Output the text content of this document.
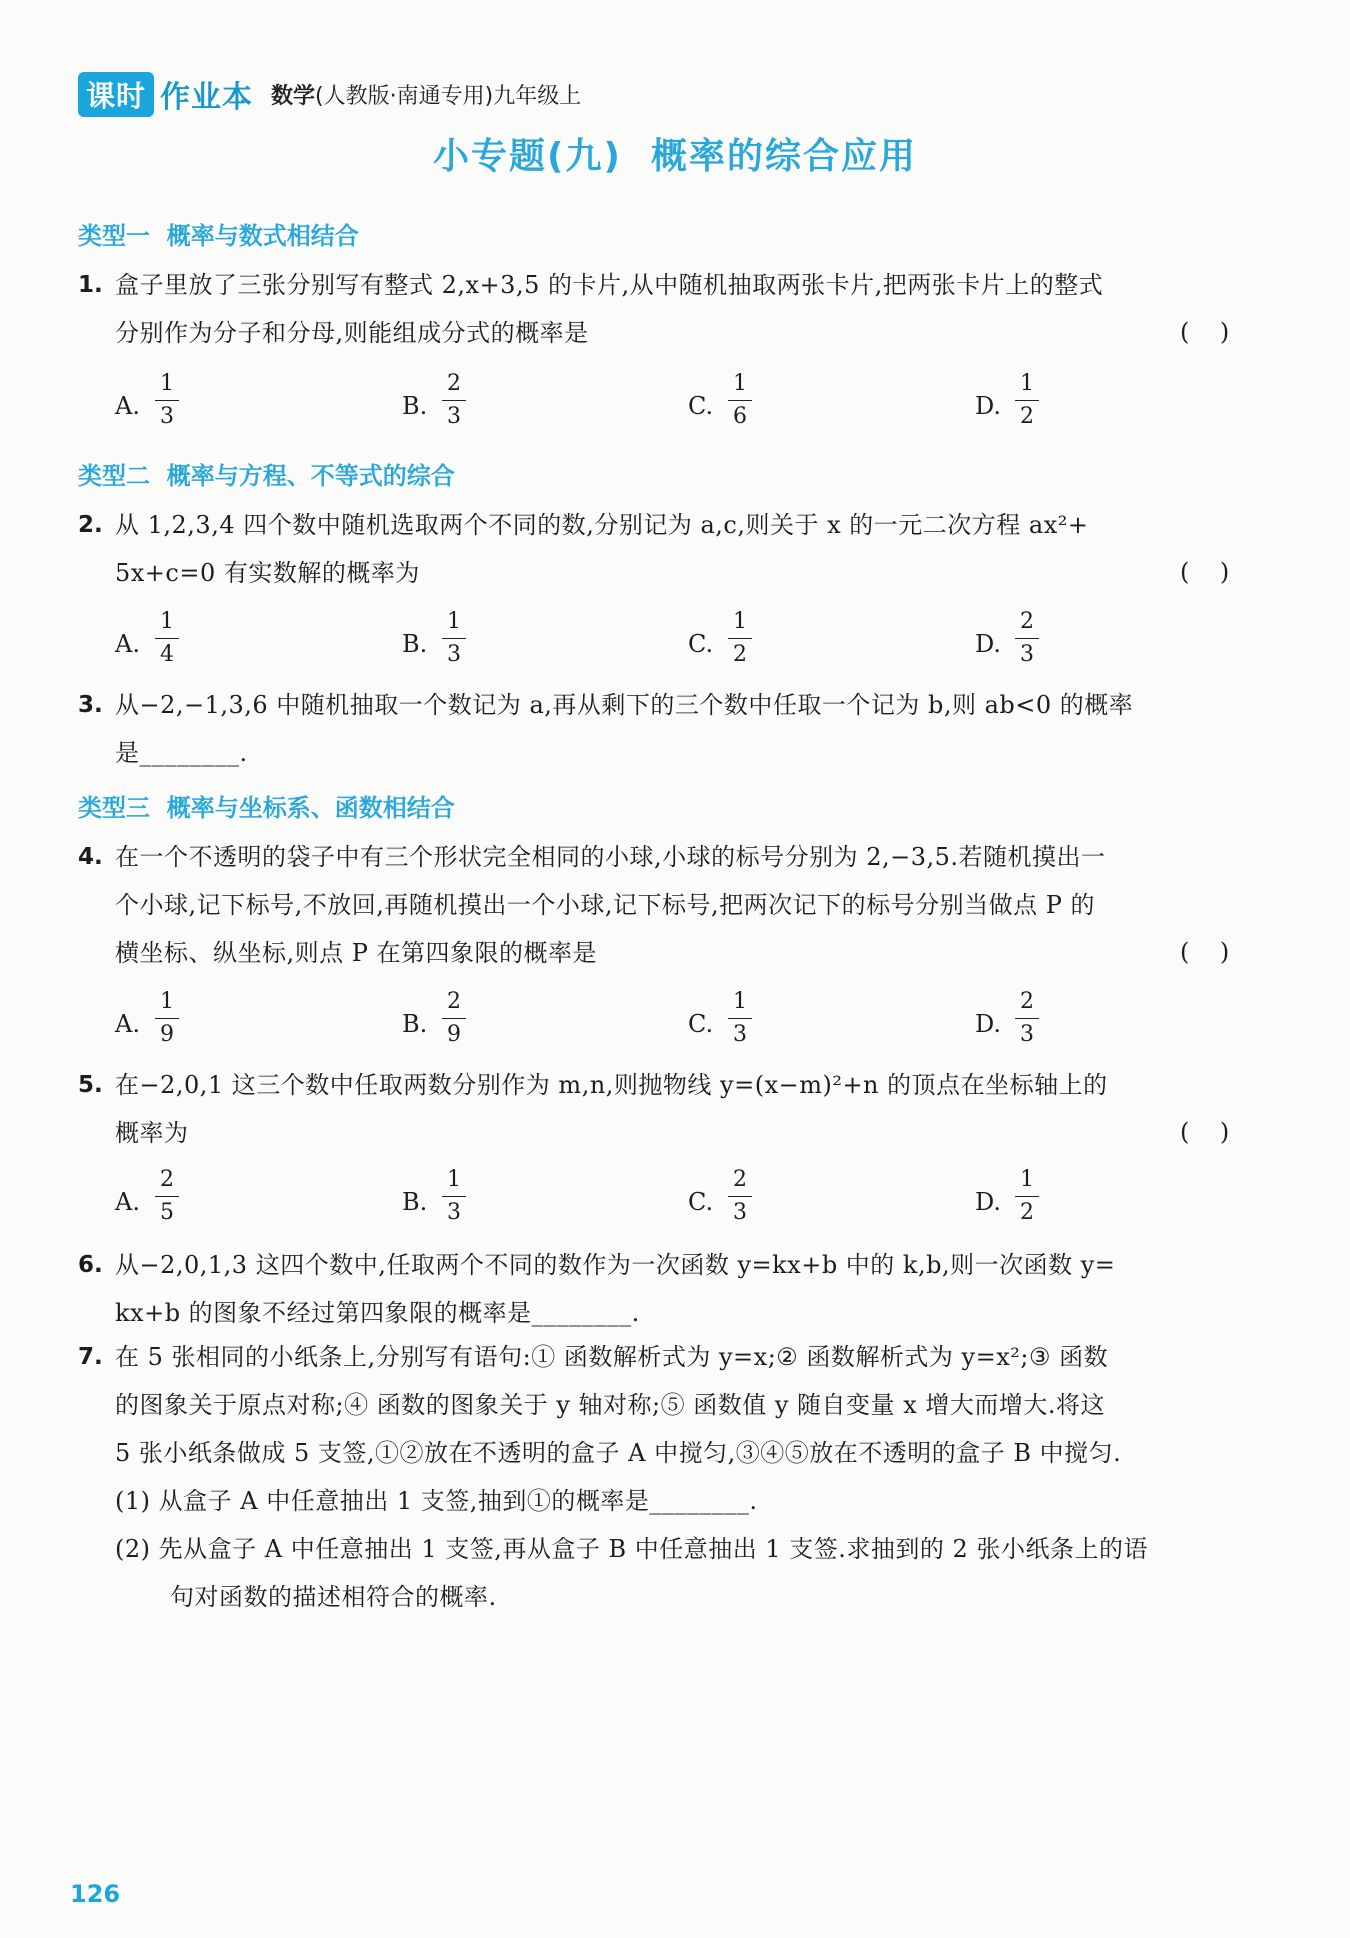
课时 作业本 数学(人教版·南通专用)九年级上
小专题(九)  概率的综合应用
类型一  概率与数式相结合
1. 盒子里放了三张分别写有整式 2,x+3,5 的卡片,从中随机抽取两张卡片,把两张卡片上的整式
分别作为分子和分母,则能组成分式的概率是	(    )
A.
1
3	B.
2
3	C.
1
6	D.
1
2
类型二  概率与方程、不等式的综合
2. 从 1,2,3,4 四个数中随机选取两个不同的数,分别记为 a,c,则关于 x 的一元二次方程 ax²+
5x+c=0 有实数解的概率为	(    )
A.
1
4	B.
1
3	C.
1
2	D.
2
3
3. 从−2,−1,3,6 中随机抽取一个数记为 a,再从剩下的三个数中任取一个记为 b,则 ab<0 的概率
是________.
类型三  概率与坐标系、函数相结合
4. 在一个不透明的袋子中有三个形状完全相同的小球,小球的标号分别为 2,−3,5.若随机摸出一
个小球,记下标号,不放回,再随机摸出一个小球,记下标号,把两次记下的标号分别当做点 P 的
横坐标、纵坐标,则点 P 在第四象限的概率是	(    )
A.
1
9	B.
2
9	C.
1
3	D.
2
3
5. 在−2,0,1 这三个数中任取两数分别作为 m,n,则抛物线 y=(x−m)²+n 的顶点在坐标轴上的
概率为	(    )
A.
2
5	B.
1
3	C.
2
3	D.
1
2
6. 从−2,0,1,3 这四个数中,任取两个不同的数作为一次函数 y=kx+b 中的 k,b,则一次函数 y=
kx+b 的图象不经过第四象限的概率是________.
7. 在 5 张相同的小纸条上,分别写有语句:① 函数解析式为 y=x;② 函数解析式为 y=x²;③ 函数
的图象关于原点对称;④ 函数的图象关于 y 轴对称;⑤ 函数值 y 随自变量 x 增大而增大.将这
5 张小纸条做成 5 支签,①②放在不透明的盒子 A 中搅匀,③④⑤放在不透明的盒子 B 中搅匀.
(1) 从盒子 A 中任意抽出 1 支签,抽到①的概率是________.
(2) 先从盒子 A 中任意抽出 1 支签,再从盒子 B 中任意抽出 1 支签.求抽到的 2 张小纸条上的语
句对函数的描述相符合的概率.
126
